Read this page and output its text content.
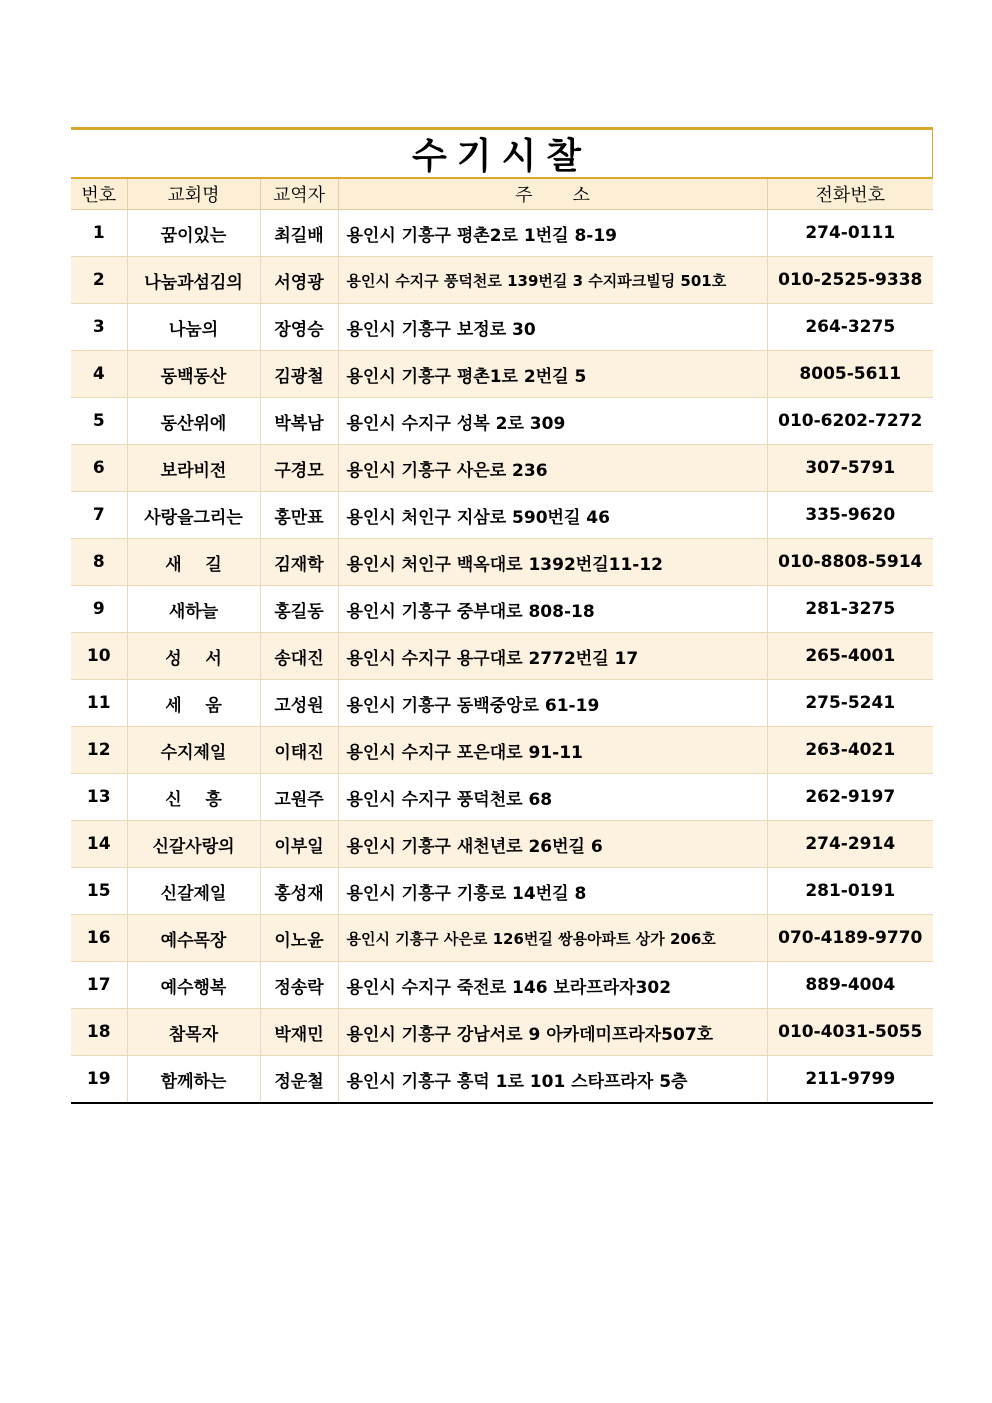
수기시찰
번호	교회명	교역자	주       소	전화번호
1	꿈이있는	최길배	용인시 기흥구 평촌2로 1번길 8-19	274-0111
2	나눔과섬김의	서영광	용인시 수지구 풍덕천로 139번길 3 수지파크빌딩 501호	010-2525-9338
3	나눔의	장영승	용인시 기흥구 보정로 30	264-3275
4	동백동산	김광철	용인시 기흥구 평촌1로 2번길 5	8005-5611
5	동산위에	박복남	용인시 수지구 성복 2로 309	010-6202-7272
6	보라비전	구경모	용인시 기흥구 사은로 236	307-5791
7	사랑을그리는	홍만표	용인시 처인구 지삼로 590번길 46	335-9620
8	새    길	김재학	용인시 처인구 백옥대로 1392번길11-12	010-8808-5914
9	새하늘	홍길동	용인시 기흥구 중부대로 808-18	281-3275
10	성    서	송대진	용인시 수지구 용구대로 2772번길 17	265-4001
11	세    움	고성원	용인시 기흥구 동백중앙로 61-19	275-5241
12	수지제일	이태진	용인시 수지구 포은대로 91-11	263-4021
13	신    흥	고원주	용인시 수지구 풍덕천로 68	262-9197
14	신갈사랑의	이부일	용인시 기흥구 새천년로 26번길 6	274-2914
15	신갈제일	홍성재	용인시 기흥구 기흥로 14번길 8	281-0191
16	예수목장	이노윤	용인시 기흥구 사은로 126번길 쌍용아파트 상가 206호	070-4189-9770
17	예수행복	정송락	용인시 수지구 죽전로 146 보라프라자302	889-4004
18	참목자	박재민	용인시 기흥구 강남서로 9 아카데미프라자507호	010-4031-5055
19	함께하는	정운철	용인시 기흥구 흥덕 1로 101 스타프라자 5층	211-9799
